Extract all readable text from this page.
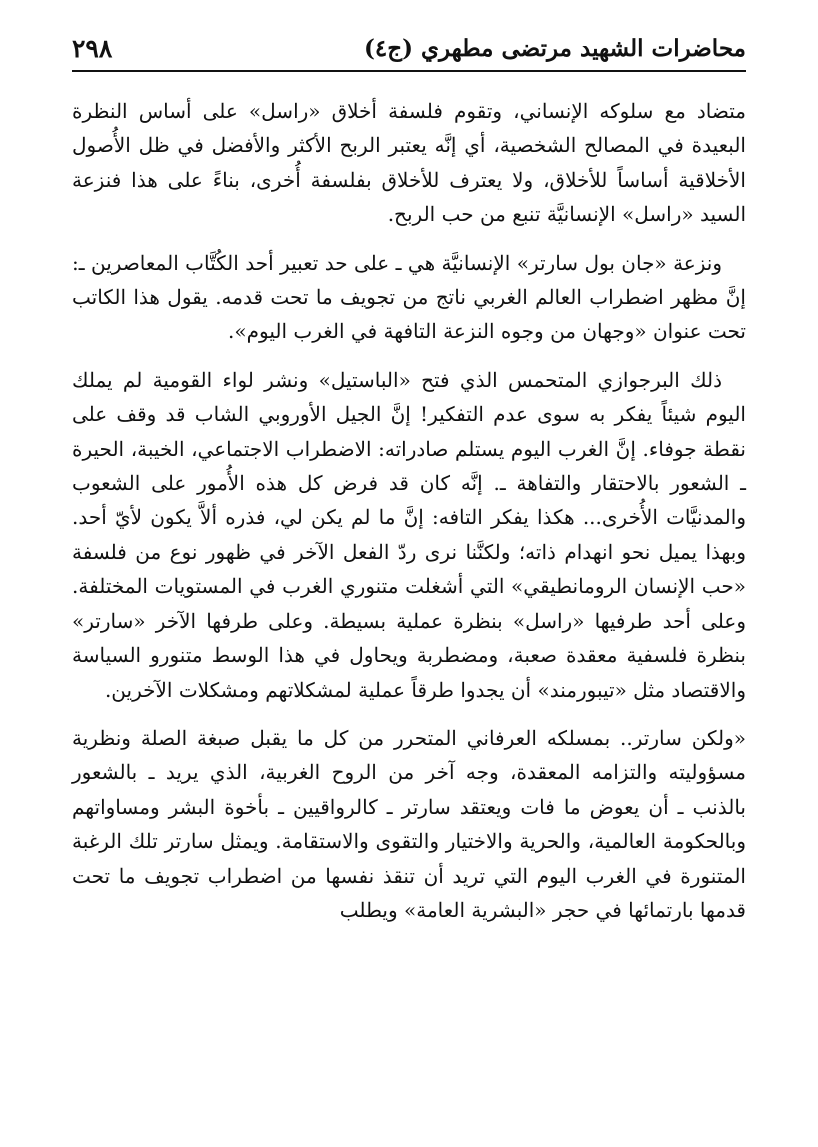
محاضرات الشهيد مرتضى مطهري (ج٤)
٢٩٨

متضاد مع سلوكه الإنساني، وتقوم فلسفة أخلاق «راسل» على أساس النظرة البعيدة في المصالح الشخصية، أي إنَّه يعتبر الربح الأكثر والأفضل في ظل الأُصول الأخلاقية أساساً للأخلاق، ولا يعترف للأخلاق بفلسفة أُخرى، بناءً على هذا فنزعة السيد «راسل» الإنسانيَّة تنبع من حب الربح.

ونزعة «جان بول سارتر» الإنسانيَّة هي ـ على حد تعبير أحد الكُتَّاب المعاصرين ـ: إنَّ مظهر اضطراب العالم الغربي ناتج من تجويف ما تحت قدمه. يقول هذا الكاتب تحت عنوان «وجهان من وجوه النزعة التافهة في الغرب اليوم».

ذلك البرجوازي المتحمس الذي فتح «الباستيل» ونشر لواء القومية لم يملك اليوم شيئاً يفكر به سوى عدم التفكير! إنَّ الجيل الأوروبي الشاب قد وقف على نقطة جوفاء. إنَّ الغرب اليوم يستلم صادراته: الاضطراب الاجتماعي، الخيبة، الحيرة ـ الشعور بالاحتقار والتفاهة ـ. إنَّه كان قد فرض كل هذه الأُمور على الشعوب والمدنيَّات الأُخرى... هكذا يفكر التافه: إنَّ ما لم يكن لي، فذره ألاَّ يكون لأيّ أحد. وبهذا يميل نحو انهدام ذاته؛ ولكنَّنا نرى ردّ الفعل الآخر في ظهور نوع من فلسفة «حب الإنسان الرومانطيقي» التي أشغلت متنوري الغرب في المستويات المختلفة. وعلى أحد طرفيها «راسل» بنظرة عملية بسيطة. وعلى طرفها الآخر «سارتر» بنظرة فلسفية معقدة صعبة، ومضطربة ويحاول في هذا الوسط متنورو السياسة والاقتصاد مثل «تيبورمند» أن يجدوا طرقاً عملية لمشكلاتهم ومشكلات الآخرين.

«ولكن سارتر.. بمسلكه العرفاني المتحرر من كل ما يقبل صبغة الصلة ونظرية مسؤوليته والتزامه المعقدة، وجه آخر من الروح الغربية، الذي يريد ـ بالشعور بالذنب ـ أن يعوض ما فات ويعتقد سارتر ـ كالرواقيين ـ بأخوة البشر ومساواتهم وبالحكومة العالمية، والحرية والاختيار والتقوى والاستقامة. ويمثل سارتر تلك الرغبة المتنورة في الغرب اليوم التي تريد أن تنقذ نفسها من اضطراب تجويف ما تحت قدمها بارتمائها في حجر «البشرية العامة» ويطلب
